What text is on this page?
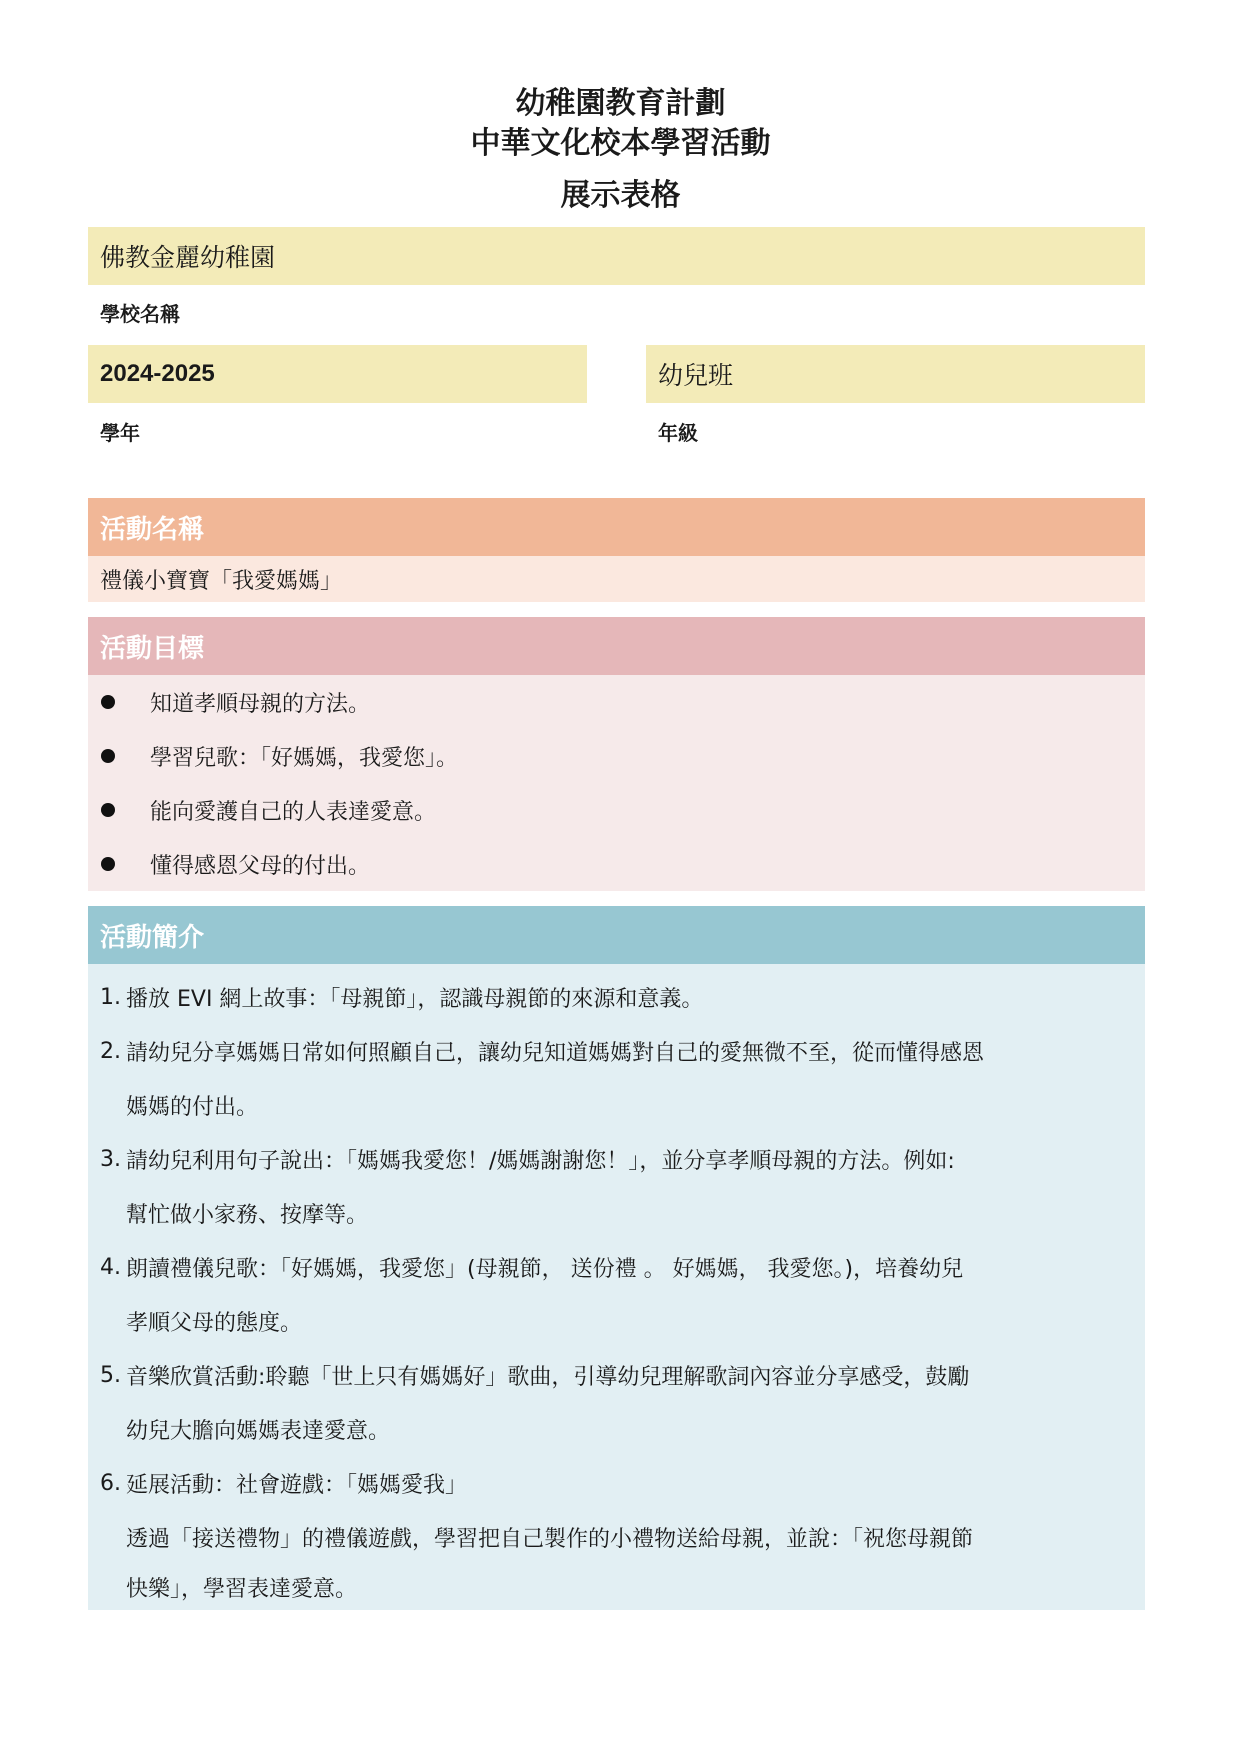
幼稚園教育計劃
中華文化校本學習活動
展示表格
佛教金麗幼稚園
學校名稱
2024-2025
學年
幼兒班
年級
活動名稱
禮儀小寶寶「我愛媽媽」
活動目標
知道孝順母親的方法。
學習兒歌：「好媽媽，我愛您」。
能向愛護自己的人表達愛意。
懂得感恩父母的付出。
活動簡介
1. 播放 EVI 網上故事：「母親節」，認識母親節的來源和意義。
2. 請幼兒分享媽媽日常如何照顧自己，讓幼兒知道媽媽對自己的愛無微不至，從而懂得感恩
媽媽的付出。
3. 請幼兒利用句子說出：「媽媽我愛您！/媽媽謝謝您！」，並分享孝順母親的方法。例如:
幫忙做小家務、按摩等。
4. 朗讀禮儀兒歌：「好媽媽，我愛您」(母親節， 送份禮 。 好媽媽， 我愛您。)，培養幼兒
孝順父母的態度。
5. 音樂欣賞活動:聆聽「世上只有媽媽好」歌曲，引導幼兒理解歌詞內容並分享感受，鼓勵
幼兒大膽向媽媽表達愛意。
6. 延展活動：社會遊戲：「媽媽愛我」
透過「接送禮物」的禮儀遊戲，學習把自己製作的小禮物送給母親，並說：「祝您母親節
快樂」，學習表達愛意。
